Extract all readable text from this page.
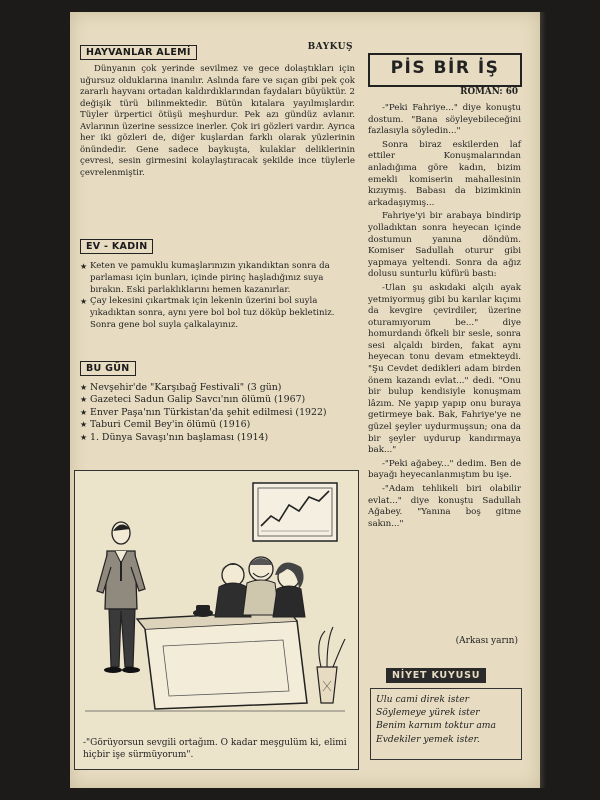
HAYVANLAR ALEMİ	BAYKUŞ

Dünyanın çok yerinde sevilmez ve gece dolaştıkları için uğursuz olduklarına inanılır. Aslında fare ve sıçan gibi pek çok zararlı hayvanı ortadan kaldırdıklarından faydaları büyüktür. 2 değişik türü bilinmektedir. Bütün kıtalara yayılmışlardır. Tüyler ürpertici ötüşü meşhurdur. Pek azı gündüz avlanır. Avlarının üzerine sessizce inerler. Çok iri gözleri vardır. Ayrıca her iki gözleri de, diğer kuşlardan farklı olarak yüzlerinin önündedir. Gene sadece baykuşta, kulaklar deliklerinin çevresi, sesin girmesini kolaylaştıracak şekilde ince tüylerle çevrelenmiştir.

EV - KADIN
★ Keten ve pamuklu kumaşlarınızın yıkandıktan sonra da parlaması için bunları, içinde pirinç haşladığınız suya bırakın. Eski parlaklıklarını hemen kazanırlar.
★ Çay lekesini çıkartmak için lekenin üzerini bol suyla yıkadıktan sonra, aynı yere bol bol tuz döküp bekletiniz. Sonra gene bol suyla çalkalayınız.
BU GÜN
★ Nevşehir'de "Karşıbağ Festivali" (3 gün)
★ Gazeteci Sadun Galip Savcı'nın ölümü (1967)
★ Enver Paşa'nın Türkistan'da şehit edilmesi (1922)
★ Taburi Cemil Bey'in ölümü (1916)
★ 1. Dünya Savaşı'nın başlaması (1914)
-"Görüyorsun sevgili ortağım. O kadar meşgulüm ki, elimi hiçbir işe sürmüyorum".
PİS BİR İŞ
ROMAN: 60

-"Peki Fahriye..." diye konuştu dostum. "Bana söyleyebileceğini fazlasıyla söyledin..."

Sonra biraz eskilerden laf ettiler Konuşmalarından anladığıma göre kadın, bizim emekli komiserin mahallesinin kızıymış. Babası da bizimkinin arkadaşıymış...

Fahriye'yi bir arabaya bindirip yolladıktan sonra heyecan içinde dostumun yanına döndüm. Komiser Sadullah oturur gibi yapmaya yeltendi. Sonra da ağız dolusu sunturlu küfürü bastı:

-Ulan şu askıdaki alçılı ayak yetmiyormuş gibi bu karılar kıçımı da kevgire çevirdiler, üzerine oturamıyorum be..." diye homurdandı öfkeli bir sesle, sonra sesi alçaldı birden, fakat aynı heyecan tonu devam etmekteydi. "Şu Cevdet dedikleri adam birden önem kazandı evlat..." dedi. "Onu bir bulup kendisiyle konuşmam lâzım. Ne yapıp yapıp onu buraya getirmeye bak. Bak, Fahriye'ye ne güzel şeyler uydurmuşsun; ona da bir şeyler uydurup kandırmaya bak..."

-"Peki ağabey..." dedim. Ben de bayağı heyecanlanmıştım bu işe.

-"Adam tehlikeli biri olabilir evlat..." diye konuştu Sadullah Ağabey. "Yanına boş gitme sakın..."

(Arkası yarın)
Ulu cami direk ister
Söylemeye yürek ister
Benim karnım toktur ama
Evdekiler yemek ister.
NİYET KUYUSU
